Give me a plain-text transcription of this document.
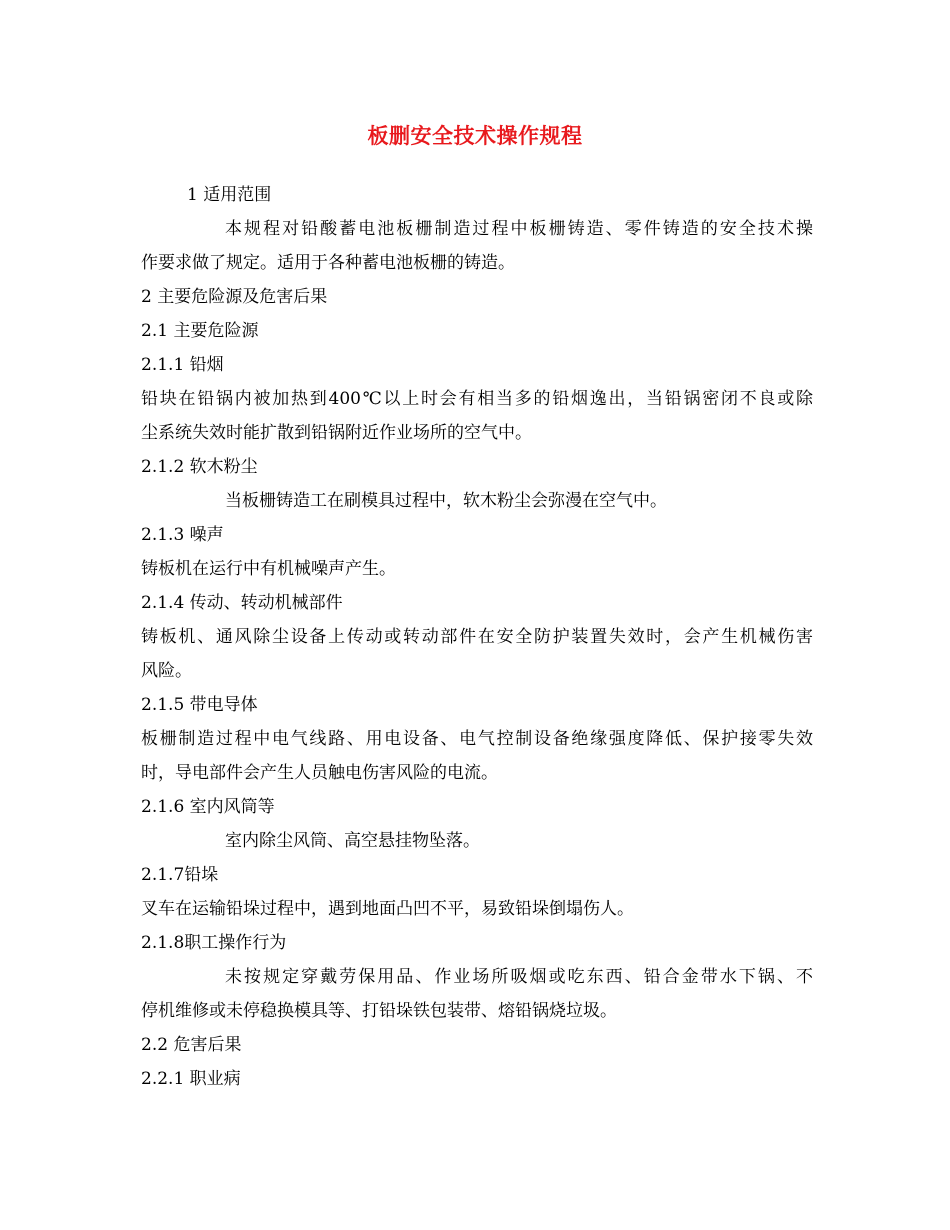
板删安全技术操作规程
1 适用范围
本规程对铅酸蓄电池板栅制造过程中板栅铸造、零件铸造的安全技术操
作要求做了规定。适用于各种蓄电池板栅的铸造。
2 主要危险源及危害后果
2.1 主要危险源
2.1.1 铅烟
铅块在铅锅内被加热到400℃以上时会有相当多的铅烟逸出，当铅锅密闭不良或除
尘系统失效时能扩散到铅锅附近作业场所的空气中。
2.1.2 软木粉尘
当板栅铸造工在刷模具过程中，软木粉尘会弥漫在空气中。
2.1.3 噪声
铸板机在运行中有机械噪声产生。
2.1.4 传动、转动机械部件
铸板机、通风除尘设备上传动或转动部件在安全防护装置失效时，会产生机械伤害
风险。
2.1.5 带电导体
板栅制造过程中电气线路、用电设备、电气控制设备绝缘强度降低、保护接零失效
时，导电部件会产生人员触电伤害风险的电流。
2.1.6 室内风筒等
室内除尘风筒、高空悬挂物坠落。
2.1.7铅垛
叉车在运输铅垛过程中，遇到地面凸凹不平，易致铅垛倒塌伤人。
2.1.8职工操作行为
未按规定穿戴劳保用品、作业场所吸烟或吃东西、铅合金带水下锅、不
停机维修或未停稳换模具等、打铅垛铁包装带、熔铅锅烧垃圾。
2.2 危害后果
2.2.1 职业病
